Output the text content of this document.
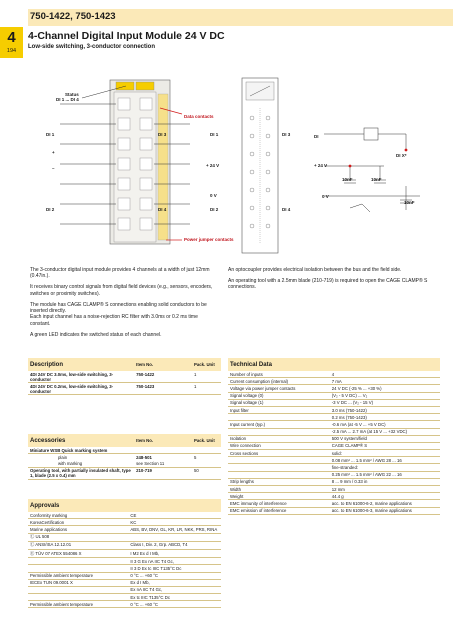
750-1422, 750-1423
4
194
4-Channel Digital Input Module 24 V DC
Low-side switching, 3-conductor connection
Status
DI 1 ... DI 4
Data contacts
Power jumper contacts
DI 1
DI 2
DI 3
DI 4
+
–
DI 1
DI 2
DI 3
DI 4
+ 24 V
0 V
DI
DI X*
+ 24 V
0 V
10nF	10nF
10nF

The 3-conductor digital input module provides 4 channels at a width of just 12mm (0.47in.).

It receives binary control signals from digital field devices (e.g., sensors, encoders, switches or proximity switches).

The module has CAGE CLAMP® S connections enabling solid conductors to be inserted directly.
Each input channel has a noise-rejection RC filter with 3.0ms or 0.2 ms time constant.

A green LED indicates the switched status of each channel.

An optocoupler provides electrical isolation between the bus and the field side.

An operating tool with a 2.5mm blade (210-719) is required to open the CAGE CLAMP® S connections.

Description	Item No.	Pack. Unit
4DI 24V DC 3.0ms, low-side switching, 3-conductor	750-1422	1
4DI 24V DC 0.2ms, low-side switching, 3-conductor	750-1423	1
Accessories	Item No.	Pack. Unit
Miniature WSB Quick marking system		
plain	248-501	5
with marking	see Section 11	
Operating tool, with partially insulated shaft, type 1, blade (2.5 x 0.4) mm	210-719	50
Approvals	
Conformity marking	CE
KoreaCertification	KC
Marine applications	ABS, BV, DNV, GL, KR, LR, NKK, PRS, RINA
Ⓛ UL 508	
Ⓛ ANSI/ISA 12.12.01	Class I, Div. 2, Grp. ABCD, T4
Ⓔ TÜV 07 ATEX 554086 X	I M2 Ex d I Mb,
	II 3 G Ex nA IIC T4 Gc,
	II 3 D Ex tc IIIC T135°C Dc
Permissible ambient temperature	0 °C ... +60 °C
IECEx TUN 09.0001 X	Ex d I Mb,
	Ex nA IIC T4 Gc,
	Ex tc IIIC T135°C Dc
Permissible ambient temperature	0 °C ... +60 °C
Technical Data	
Number of inputs	4
Current consumption (internal)	7 mA
Voltage via power jumper contacts	24 V DC (-25 % ... +30 %)
Signal voltage (0)	(V₂ - 5 V DC) ... V₂
Signal voltage (1)	-3 V DC ... (V₂ - 15 V)
Input filter	3.0 ms (750-1422)
	0.2 ms (750-1423)
Input current (typ.)	-0.6 mA (at -5 V ... +5 V DC)
	-2.5 mA ... 2.7 mA (at 15 V ... +32 VDC)
Isolation	500 V system/field
Wire connection	CAGE CLAMP® S
Cross sections	solid:
	0.08 mm² ... 1.5 mm² / AWG 28 ... 16
	fine-stranded:
	0.25 mm² ... 1.5 mm² / AWG 22 ... 16
Strip lengths	8 ... 9 mm / 0.33 in
Width	12 mm
Weight	44.4 g
EMC immunity of interference	acc. to EN 61000-6-2, marine applications
EMC emission of interference	acc. to EN 61000-6-3, marine applications
